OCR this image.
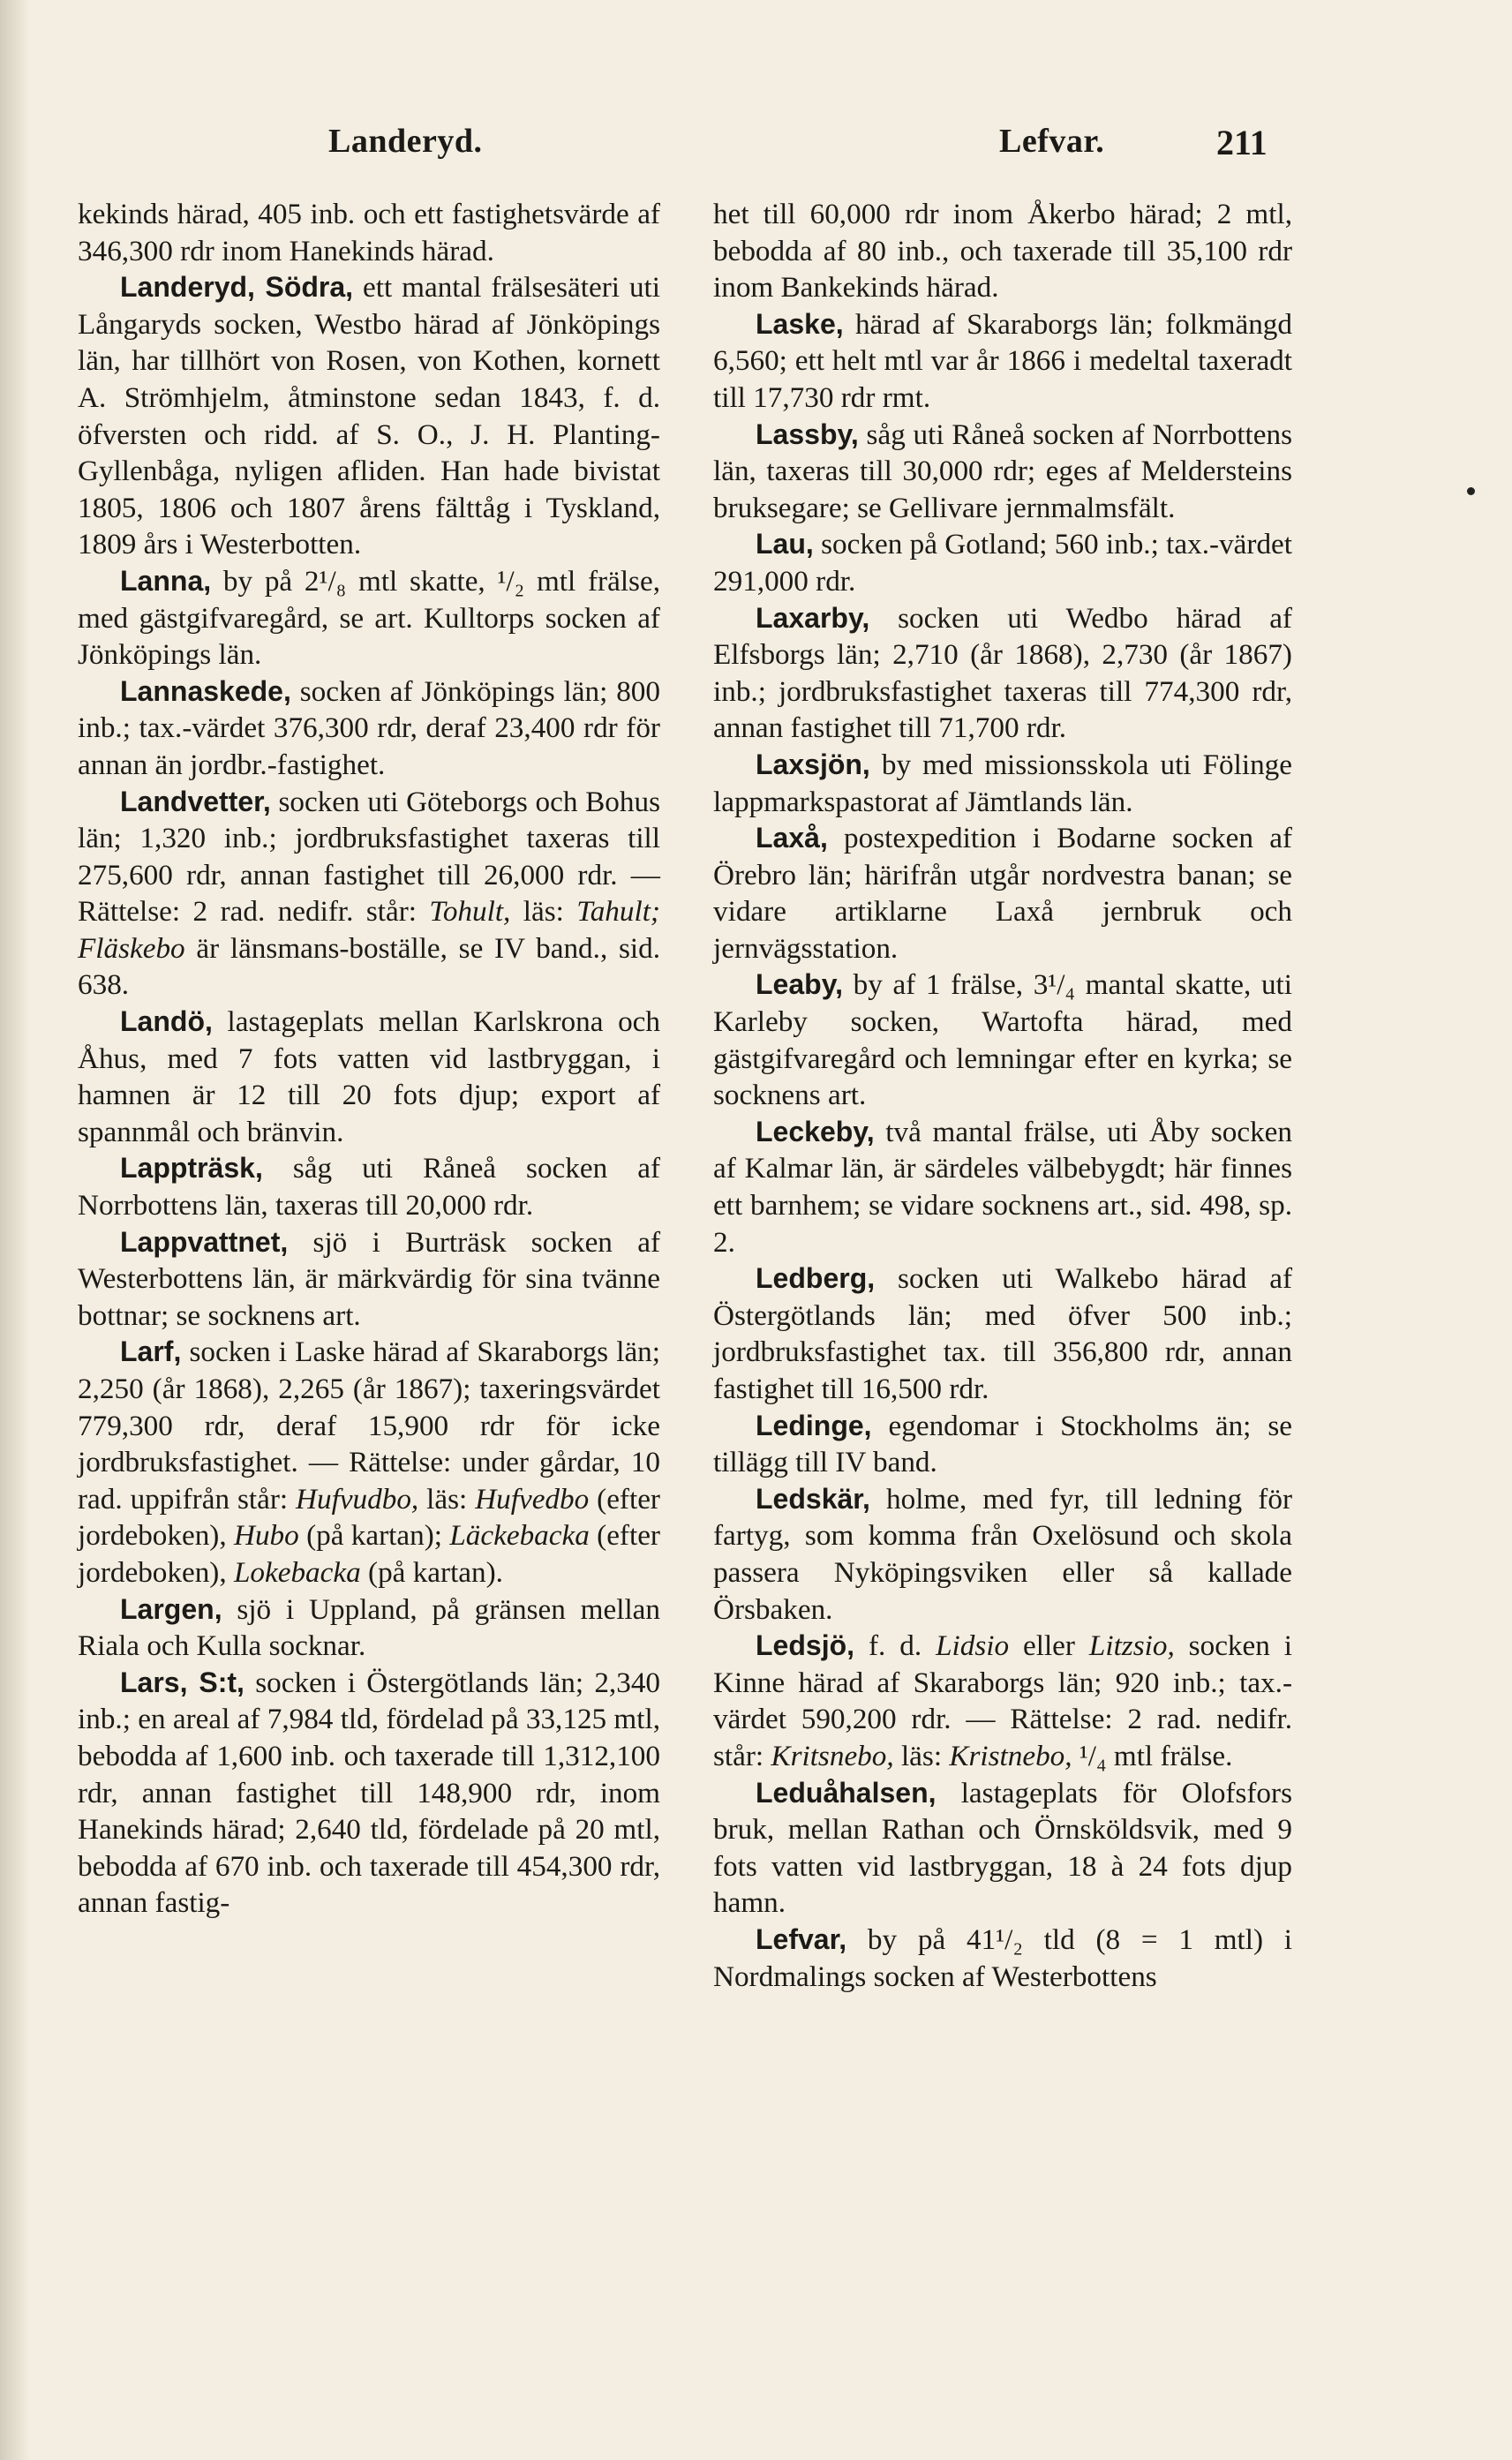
Landeryd.	Lefvar.	211

kekinds härad, 405 inb. och ett fastighetsvärde af 346,300 rdr inom Hanekinds härad.

Landeryd, Södra, ett mantal frälsesäteri uti Långaryds socken, Westbo härad af Jönköpings län, har tillhört von Rosen, von Kothen, kornett A. Strömhjelm, åtminstone sedan 1843, f. d. öfversten och ridd. af S. O., J. H. Planting-Gyllenbåga, nyligen afliden. Han hade bivistat 1805, 1806 och 1807 årens fälttåg i Tyskland, 1809 års i Westerbotten.

Lanna, by på 2¹/₈ mtl skatte, ¹/₂ mtl frälse, med gästgifvaregård, se art. Kulltorps socken af Jönköpings län.

Lannaskede, socken af Jönköpings län; 800 inb.; tax.-värdet 376,300 rdr, deraf 23,400 rdr för annan än jordbr.-fastighet.

Landvetter, socken uti Göteborgs och Bohus län; 1,320 inb.; jordbruksfastighet taxeras till 275,600 rdr, annan fastighet till 26,000 rdr. — Rättelse: 2 rad. nedifr. står: Tohult, läs: Tahult; Fläskebo är länsmans-boställe, se IV band., sid. 638.

Landö, lastageplats mellan Karlskrona och Åhus, med 7 fots vatten vid lastbryggan, i hamnen är 12 till 20 fots djup; export af spannmål och bränvin.

Lappträsk, såg uti Råneå socken af Norrbottens län, taxeras till 20,000 rdr.

Lappvattnet, sjö i Burträsk socken af Westerbottens län, är märkvärdig för sina tvänne bottnar; se socknens art.

Larf, socken i Laske härad af Skaraborgs län; 2,250 (år 1868), 2,265 (år 1867); taxeringsvärdet 779,300 rdr, deraf 15,900 rdr för icke jordbruksfastighet. — Rättelse: under gårdar, 10 rad. uppifrån står: Hufvudbo, läs: Hufvedbo (efter jordeboken), Hubo (på kartan); Läckebacka (efter jordeboken), Lokebacka (på kartan).

Largen, sjö i Uppland, på gränsen mellan Riala och Kulla socknar.

Lars, S:t, socken i Östergötlands län; 2,340 inb.; en areal af 7,984 tld, fördelad på 33,125 mtl, bebodda af 1,600 inb. och taxerade till 1,312,100 rdr, annan fastighet till 148,900 rdr, inom Hanekinds härad; 2,640 tld, fördelade på 20 mtl, bebodda af 670 inb. och taxerade till 454,300 rdr, annan fastig-

het till 60,000 rdr inom Åkerbo härad; 2 mtl, bebodda af 80 inb., och taxerade till 35,100 rdr inom Bankekinds härad.

Laske, härad af Skaraborgs län; folkmängd 6,560; ett helt mtl var år 1866 i medeltal taxeradt till 17,730 rdr rmt.

Lassby, såg uti Råneå socken af Norrbottens län, taxeras till 30,000 rdr; eges af Meldersteins bruksegare; se Gellivare jernmalmsfält.

Lau, socken på Gotland; 560 inb.; tax.-värdet 291,000 rdr.

Laxarby, socken uti Wedbo härad af Elfsborgs län; 2,710 (år 1868), 2,730 (år 1867) inb.; jordbruksfastighet taxeras till 774,300 rdr, annan fastighet till 71,700 rdr.

Laxsjön, by med missionsskola uti Fölinge lappmarkspastorat af Jämtlands län.

Laxå, postexpedition i Bodarne socken af Örebro län; härifrån utgår nordvestra banan; se vidare artiklarne Laxå jernbruk och jernvägsstation.

Leaby, by af 1 frälse, 3¹/₄ mantal skatte, uti Karleby socken, Wartofta härad, med gästgifvaregård och lemningar efter en kyrka; se socknens art.

Leckeby, två mantal frälse, uti Åby socken af Kalmar län, är särdeles välbebygdt; här finnes ett barnhem; se vidare socknens art., sid. 498, sp. 2.

Ledberg, socken uti Walkebo härad af Östergötlands län; med öfver 500 inb.; jordbruksfastighet tax. till 356,800 rdr, annan fastighet till 16,500 rdr.

Ledinge, egendomar i Stockholms än; se tillägg till IV band.

Ledskär, holme, med fyr, till ledning för fartyg, som komma från Oxelösund och skola passera Nyköpingsviken eller så kallade Örsbaken.

Ledsjö, f. d. Lidsio eller Litzsio, socken i Kinne härad af Skaraborgs län; 920 inb.; tax.-värdet 590,200 rdr. — Rättelse: 2 rad. nedifr. står: Kritsnebo, läs: Kristnebo, ¹/₄ mtl frälse.

Leduåhalsen, lastageplats för Olofsfors bruk, mellan Rathan och Örnsköldsvik, med 9 fots vatten vid lastbryggan, 18 à 24 fots djup hamn.

Lefvar, by på 41¹/₂ tld (8 = 1 mtl) i Nordmalings socken af Westerbottens
